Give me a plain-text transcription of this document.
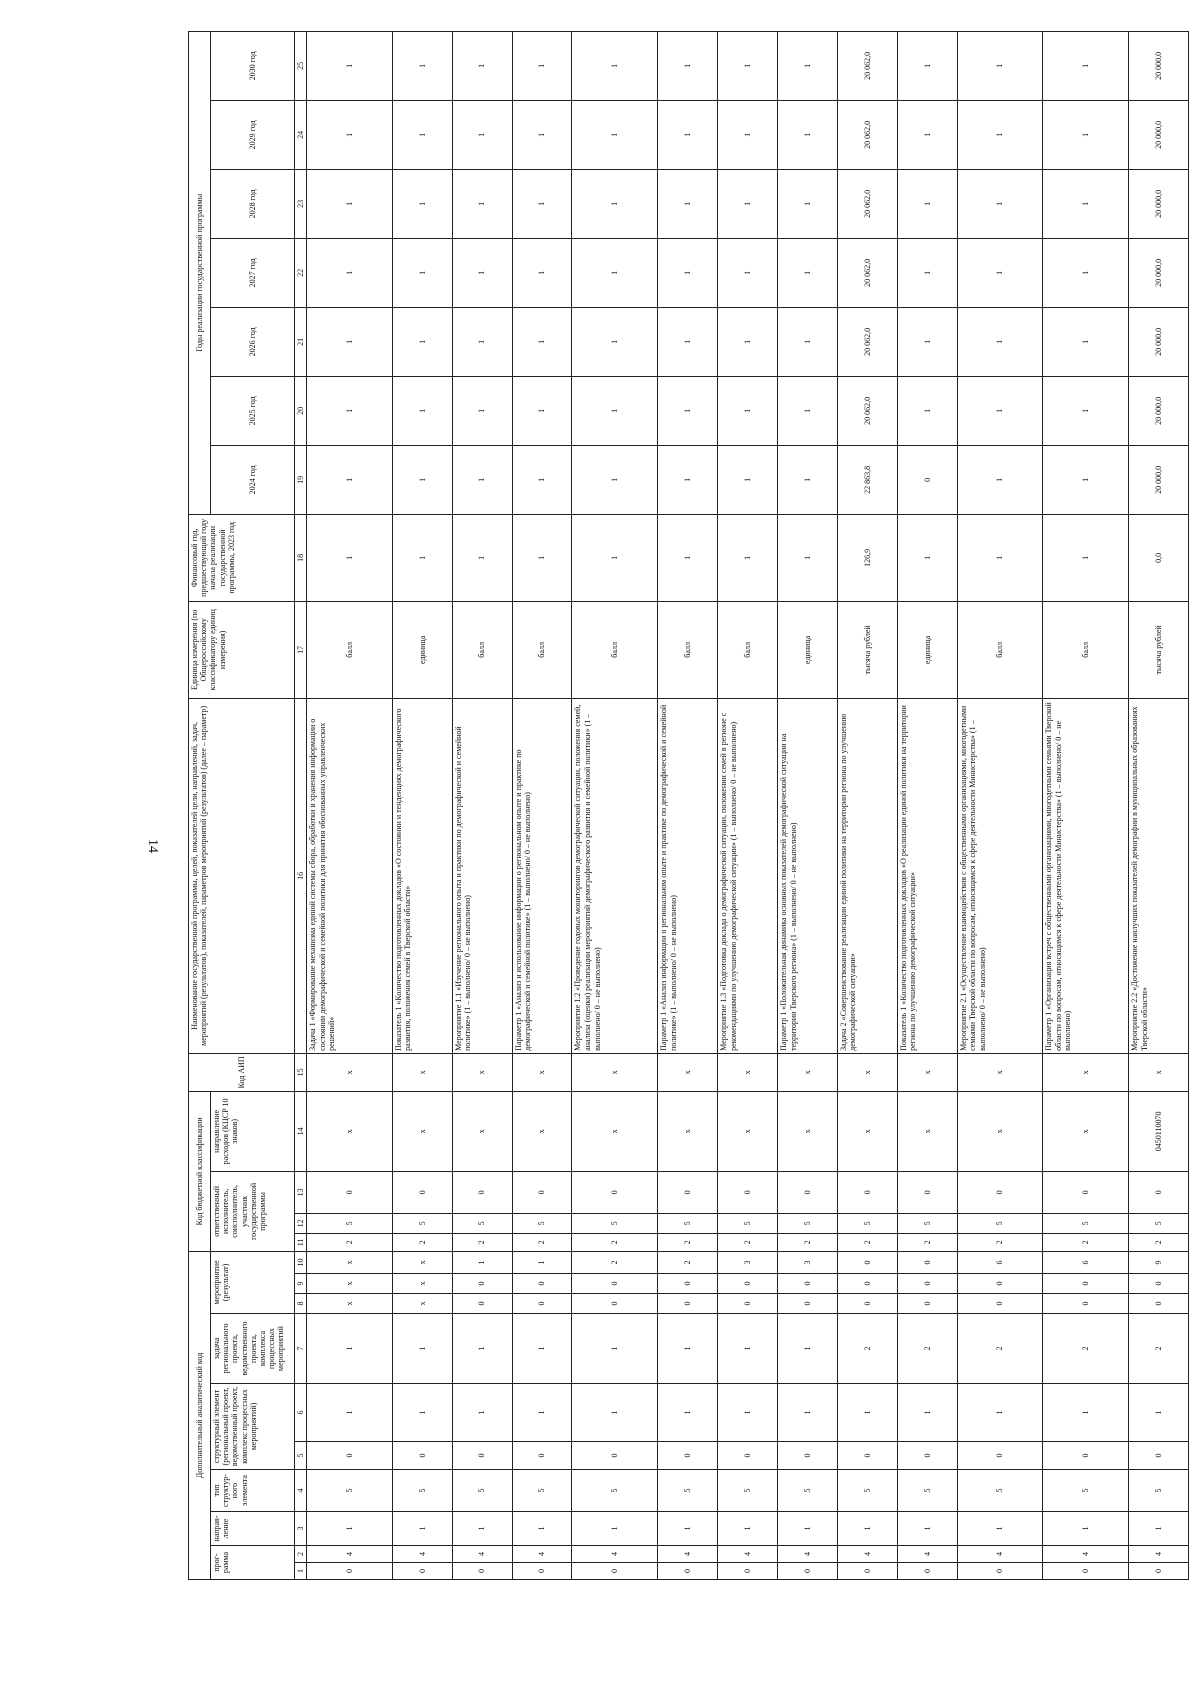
14
Дополнительный аналитический код										Код бюджетной классификации				Код АИП	Наименование государственной программы, целей, показателей цели, направлений, задач, мероприятий (результатов), показателей, параметров мероприятий (результатов) (далее – параметр)	Единица измерения (по Общероссийскому классификатору единиц измерения)	Финансовый год, предшествующий году начала реализации государственной программы, 2023 год	Годы реализации государственной программы						
прог-рамма		направ-ление	тип структур-ного элемента	структурный элемент (региональный проект, ведомственный проект, комплекс процессных мероприятий)		задача регионального проекта, ведомственного проекта, комплекса процессных мероприятий	мероприятие (результат)			ответственный исполнитель, соисполнитель, участник государственной программы			направление расходов (КЦСР 10 знаков)					2024 год	2025 год	2026 год	2027 год	2028 год	2029 год	2030 год

1	2	3	4	5	6	7	8	9	10	11	12	13	14	15	16	17	18	19	20	21	22	23	24	25
0	4	1	5	0	1	1	x	x	x	2	5	0	x	x	Задача 1 «Формирование механизма единой системы сбора, обработки и хранения информации о состоянии демографической и семейной политики для принятия обоснованных управленческих решений»	балл	1	1	1	1	1	1	1	1
0	4	1	5	0	1	1	x	x	x	2	5	0	x	x	Показатель 1 «Количество подготовленных докладов «О состоянии и тенденциях демографического развития, положения семей в Тверской области»	единица	1	1	1	1	1	1	1	1
0	4	1	5	0	1	1	0	0	1	2	5	0	x	x	Мероприятие 1.1 «Изучение регионального опыта и практики по демографической и семейной политике» (1 – выполнено/ 0 – не выполнено)	балл	1	1	1	1	1	1	1	1
0	4	1	5	0	1	1	0	0	1	2	5	0	x	x	Параметр 1 «Анализ и использование информации о региональном опыте и практике по демографической и семейной политике» (1 – выполнено/ 0 – не выполнено)	балл	1	1	1	1	1	1	1	1
0	4	1	5	0	1	1	0	0	2	2	5	0	x	x	Мероприятие 1.2 «Проведение годовых мониторингов демографической ситуации, положения семей, анализа (оценки) реализации мероприятий демографического развития и семейной политики» (1 – выполнено/ 0 – не выполнено)	балл	1	1	1	1	1	1	1	1
0	4	1	5	0	1	1	0	0	2	2	5	0	x	x	Параметр 1 «Анализ информации о региональном опыте и практике по демографической и семейной политике» (1 – выполнено/ 0 – не выполнено)	балл	1	1	1	1	1	1	1	1
0	4	1	5	0	1	1	0	0	3	2	5	0	x	x	Мероприятие 1.3 «Подготовка доклада о демографической ситуации, положении семей в регионе с рекомендациями по улучшению демографической ситуации» (1 – выполнено/ 0 – не выполнено)	балл	1	1	1	1	1	1	1	1
0	4	1	5	0	1	1	0	0	3	2	5	0	x	x	Параметр 1 «Положительная динамика основных показателей демографической ситуации на территории Тверского региона» (1 – выполнено/ 0 – не выполнено)	единица	1	1	1	1	1	1	1	1
0	4	1	5	0	1	2	0	0	0	2	5	0	x	x	Задача 2 «Совершенствование реализации единой политики на территории региона по улучшению демографической ситуации»	тысяча рублей	126,9	22 863,8	20 062,0	20 062,0	20 062,0	20 062,0	20 062,0	20 062,0
0	4	1	5	0	1	2	0	0	0	2	5	0	x	x	Показатель 1 «Количество подготовленных докладов «О реализации единой политики на территории региона по улучшению демографической ситуации»	единица	1	0	1	1	1	1	1	1
0	4	1	5	0	1	2	0	0	6	2	5	0	x	x	Мероприятие 2.1 «Осуществление взаимодействия с общественными организациями, многодетными семьями Тверской области по вопросам, относящимся к сфере деятельности Министерства» (1 – выполнено/ 0 – не выполнено)	балл	1	1	1	1	1	1	1	1
0	4	1	5	0	1	2	0	0	6	2	5	0	x	x	Параметр 1 «Организация встреч с общественными организациями, многодетными семьями Тверской области по вопросам, относящимся к сфере деятельности Министерства» (1 – выполнено/ 0 – не выполнено)	балл	1	1	1	1	1	1	1	1
0	4	1	5	0	1	2	0	0	9	2	5	0	0450110070	x	Мероприятие 2.2 «Достижение наилучших показателей демографии в муниципальных образованиях Тверской области»	тысяча рублей	0,0	20 000,0	20 000,0	20 000,0	20 000,0	20 000,0	20 000,0	20 000,0
